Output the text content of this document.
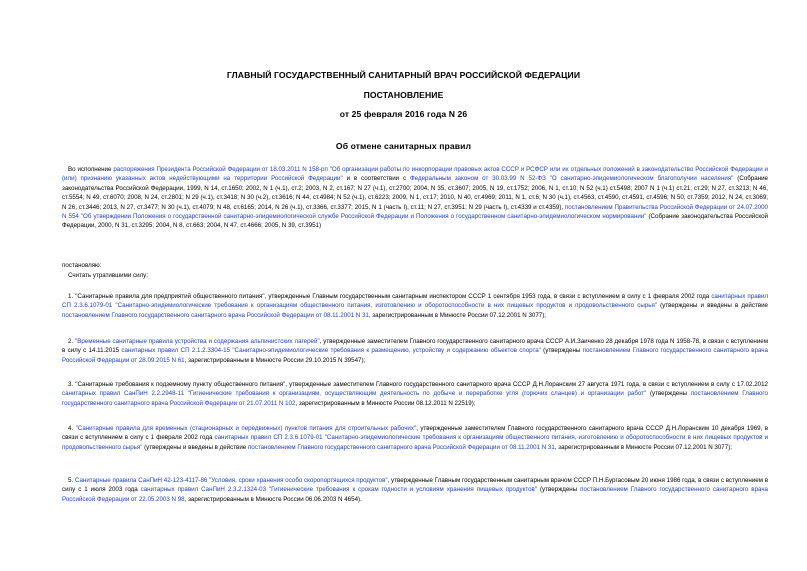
ГЛАВНЫЙ ГОСУДАРСТВЕННЫЙ САНИТАРНЫЙ ВРАЧ РОССИЙСКОЙ ФЕДЕРАЦИИ
ПОСТАНОВЛЕНИЕ
от 25 февраля 2016 года N 26
Об отмене санитарных правил

Во исполнение распоряжения Президента Российской Федерации от 18.03.2011 N 158-рп "Об организации работы по инкорпорации правовых актов СССР и РСФСР или их отдельных положений в законодательство Российской Федерации и (или) признанию указанных актов недействующими на территории Российской Федерации" и в соответствии с Федеральным законом от 30.03.99 N 52-ФЗ "О санитарно-эпидемиологическом благополучии населения" (Собрание законодательства Российской Федерации, 1999, N 14, ст.1650; 2002, N 1 (ч.1), ст.2; 2003, N 2, ст.167; N 27 (ч.1), ст.2700; 2004, N 35, ст.3607; 2005, N 19, ст.1752; 2006, N 1, ст.10; N 52 (ч.1) ст.5498; 2007 N 1 (ч.1) ст.21; ст.29; N 27, ст.3213; N 46, ст.5554; N 49, ст.6070; 2008, N 24, ст.2801; N 29 (ч.1), ст.3418; N 30 (ч.2), ст.3616; N 44, ст.4984; N 52 (ч.1), ст.6223; 2009, N 1, ст.17; 2010, N 40, ст.4969; 2011, N 1, ст.6; N 30 (ч.1), ст.4563, ст.4590, ст.4591, ст.4596; N 50, ст.7359; 2012, N 24, ст.3069; N 26, ст.3446; 2013, N 27, ст.3477; N 30 (ч.1), ст.4079; N 48, ст.6165; 2014, N 26 (ч.1), ст.3366, ст.3377; 2015, N 1 (часть I), ст.11; N 27, ст.3951; N 29 (часть I), ст.4339 и ст.4359), постановлением Правительства Российской Федерации от 24.07.2000 N 554 "Об утверждении Положения о государственной санитарно-эпидемиологической службе Российской Федерации и Положения о государственном санитарно-эпидемиологическом нормировании" (Собрание законодательства Российской Федерации, 2000, N 31, ст.3295; 2004, N 8, ст.663; 2004, N 47, ст.4666; 2005, N 39, ст.3951)

постановляю:

Считать утратившими силу:

1. "Санитарные правила для предприятий общественного питания", утвержденные Главным государственным санитарным инспектором СССР 1 сентября 1953 года, в связи с вступлением в силу с 1 февраля 2002 года санитарных правил СП 2.3.6.1079-01 "Санитарно-эпидемиологические требования к организациям общественного питания, изготовлению и оборотоспособности в них пищевых продуктов и продовольственного сырья" (утверждены и введены в действие постановлением Главного государственного санитарного врача Российской Федерации от 08.11.2001 N 31, зарегистрированным в Минюсте России 07.12.2001 N 3077);

2. "Временные санитарные правила устройства и содержания альпинистских лагерей", утвержденные заместителем Главного государственного санитарного врача СССР А.И.Заиченко 28 декабря 1978 года N 1958-78, в связи с вступлением в силу с 14.11.2015 санитарных правил СП 2.1.2.3304-15 "Санитарно-эпидемиологические требования к размещению, устройству и содержанию объектов спорта" (утверждены постановлением Главного государственного санитарного врача Российской Федерации от 28.09.2015 N 61, зарегистрированным в Минюсте России 29.10.2015 N 39547);

3. "Санитарные требования к подземному пункту общественного питания", утвержденные заместителем Главного государственного санитарного врача СССР Д.Н.Лоранским 27 августа 1971 года, в связи с вступлением в силу с 17.02.2012 санитарных правил СанПиН 2.2.2948-11 "Гигиенические требования к организациям, осуществляющим деятельность по добыче и переработке угля (горючих сланцев) и организации работ" (утверждены постановлением Главного государственного санитарного врача Российской Федерации от 21.07.2011 N 102, зарегистрированным в Минюсте России 08.12.2011 N 22519);

4. "Санитарные правила для временных (стационарных и передвижных) пунктов питания для строительных рабочих", утвержденные заместителем Главного государственного санитарного врача СССР Д.Н.Лоранским 10 декабря 1969, в связи с вступлением в силу с 1 февраля 2002 года санитарных правил СП 2.3.6.1079-01 "Санитарно-эпидемиологические требования к организациям общественного питания, изготовлению и оборотоспособности в них пищевых продуктов и продовольственного сырья" (утверждены и введены в действие постановлением Главного государственного санитарного врача Российской Федерации от 08.11.2001 N 31, зарегистрированным в Минюсте России 07.12.2001 N 3077);

5. Санитарные правила СанПиН 42-123-4117-86 "Условия, сроки хранения особо скоропортящихся продуктов", утвержденные Главным государственным санитарным врачом СССР П.Н.Бургасовым 20 июня 1986 года, в связи с вступлением в силу с 1 июля 2003 года санитарных правил СанПиН 2.3.2.1324-03 "Гигиенические требования к срокам годности и условиям хранения пищевых продуктов" (утверждены постановлением Главного государственного санитарного врача Российской Федерации от 22.05.2003 N 98, зарегистрированным в Минюсте России 06.06.2003 N 4654).
